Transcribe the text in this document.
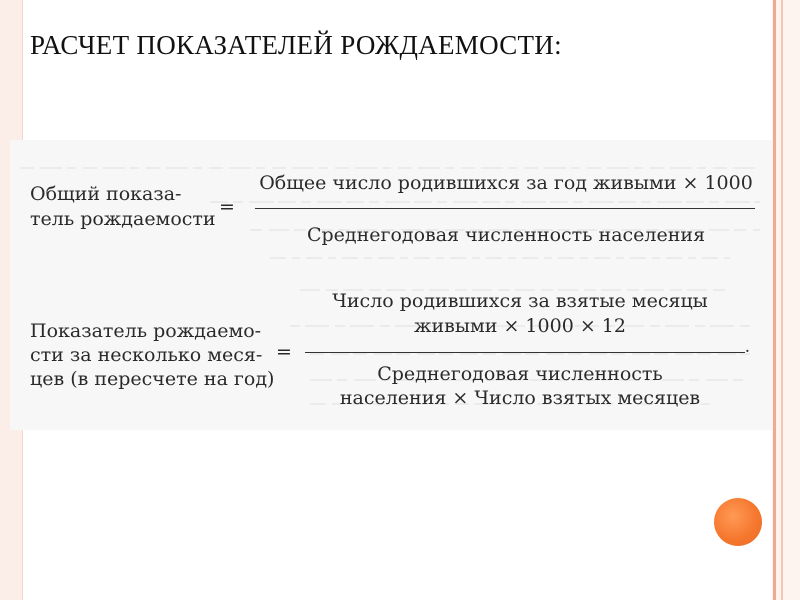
РАСЧЕТ ПОКАЗАТЕЛЕЙ РОЖДАЕМОСТИ:
Общий показа-
тель рождаемости
=
Общее число родившихся за год живыми × 1000
Среднегодовая численность населения
Показатель рождаемо-
сти за несколько меся-
цев (в пересчете на год)
=
Число родившихся за взятые месяцы
живыми × 1000 × 12
.
Среднегодовая численность
населения × Число взятых месяцев
